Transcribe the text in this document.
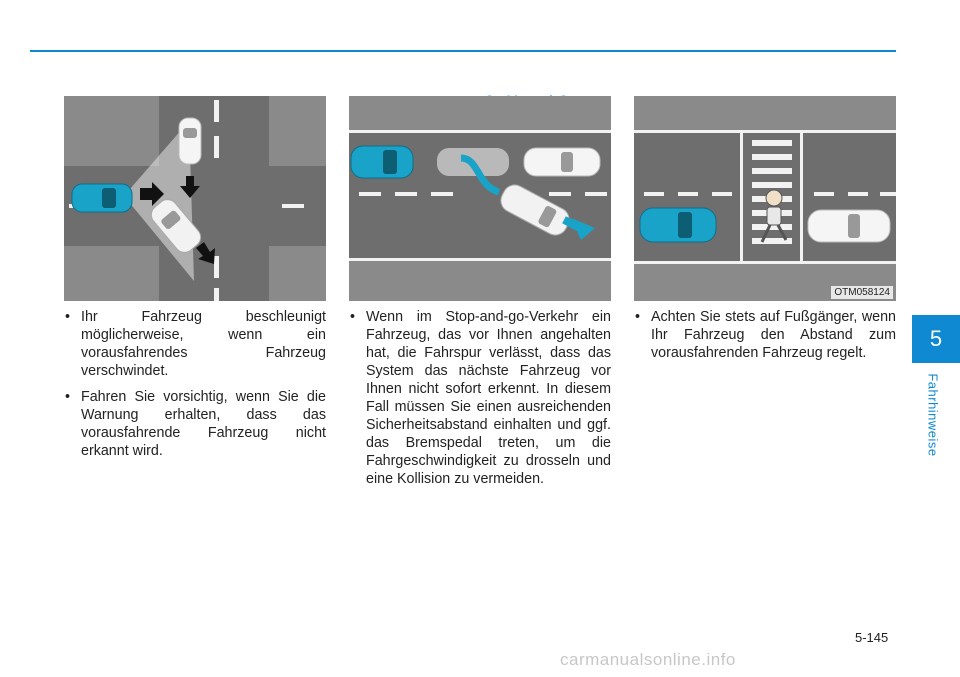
OTM058124

• Ihr Fahrzeug beschleunigt möglicherweise, wenn ein vorausfahrendes Fahrzeug verschwindet.

• Fahren Sie vorsichtig, wenn Sie die Warnung erhalten, dass das vorausfahrende Fahrzeug nicht erkannt wird.

• Wenn im Stop-and-go-Verkehr ein Fahrzeug, das vor Ihnen angehalten hat, die Fahrspur verlässt, dass das System das nächste Fahrzeug vor Ihnen nicht sofort erkennt. In diesem Fall müssen Sie einen ausreichenden Sicherheitsabstand einhalten und ggf. das Bremspedal treten, um die Fahrgeschwindigkeit zu drosseln und eine Kollision zu vermeiden.

• Achten Sie stets auf Fußgänger, wenn Ihr Fahrzeug den Abstand zum vorausfahrenden Fahrzeug regelt.

5
Fahrhinweise
5-145
carmanualsonline.info
